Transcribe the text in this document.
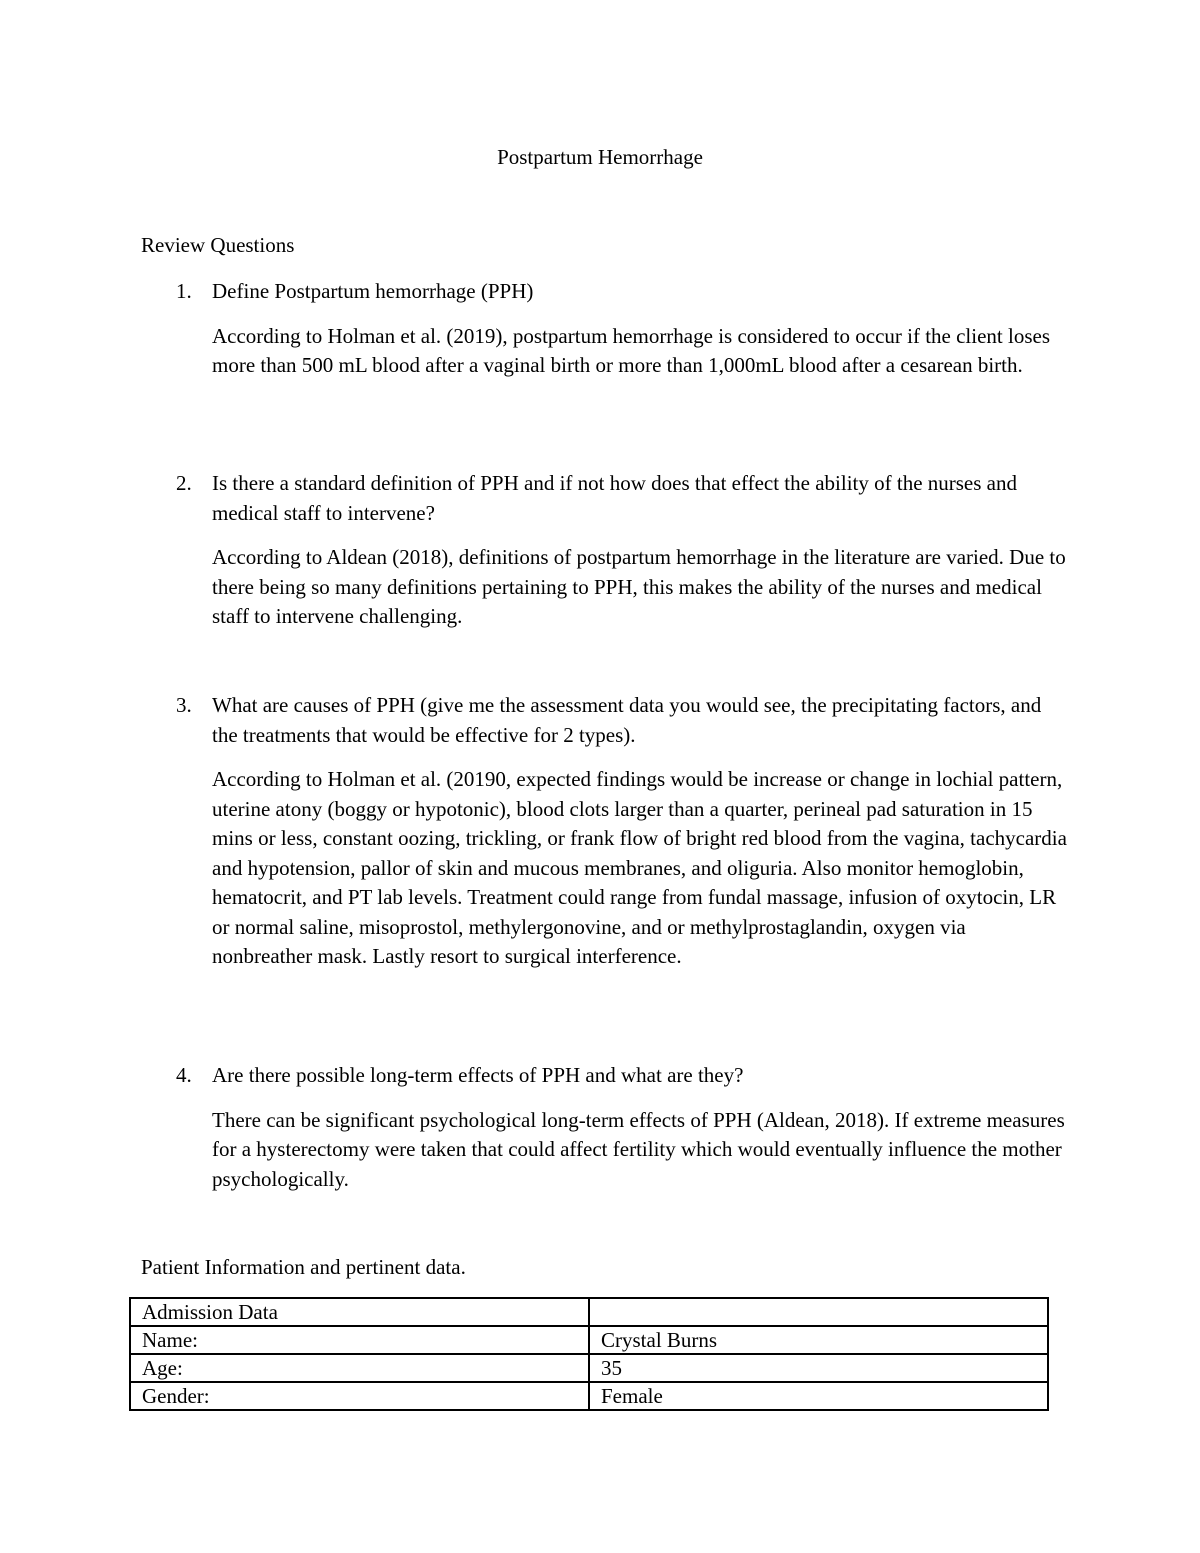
Postpartum Hemorrhage
Review Questions
1. Define Postpartum hemorrhage (PPH)
According to Holman et al. (2019), postpartum hemorrhage is considered to occur if the client loses more than 500 mL blood after a vaginal birth or more than 1,000mL blood after a cesarean birth.
2. Is there a standard definition of PPH and if not how does that effect the ability of the nurses and medical staff to intervene?
According to Aldean (2018), definitions of postpartum hemorrhage in the literature are varied. Due to there being so many definitions pertaining to PPH, this makes the ability of the nurses and medical staff to intervene challenging.
3. What are causes of PPH (give me the assessment data you would see, the precipitating factors, and the treatments that would be effective for 2 types).
According to Holman et al. (20190, expected findings would be increase or change in lochial pattern, uterine atony (boggy or hypotonic), blood clots larger than a quarter, perineal pad saturation in 15 mins or less, constant oozing, trickling, or frank flow of bright red blood from the vagina, tachycardia and hypotension, pallor of skin and mucous membranes, and oliguria. Also monitor hemoglobin, hematocrit, and PT lab levels. Treatment could range from fundal massage, infusion of oxytocin, LR or normal saline, misoprostol, methylergonovine, and or methylprostaglandin, oxygen via nonbreather mask. Lastly resort to surgical interference.
4. Are there possible long-term effects of PPH and what are they?
There can be significant psychological long-term effects of PPH (Aldean, 2018). If extreme measures for a hysterectomy were taken that could affect fertility which would eventually influence the mother psychologically.
Patient Information and pertinent data.
Admission Data	
Name:	Crystal Burns
Age:	35
Gender:	Female
